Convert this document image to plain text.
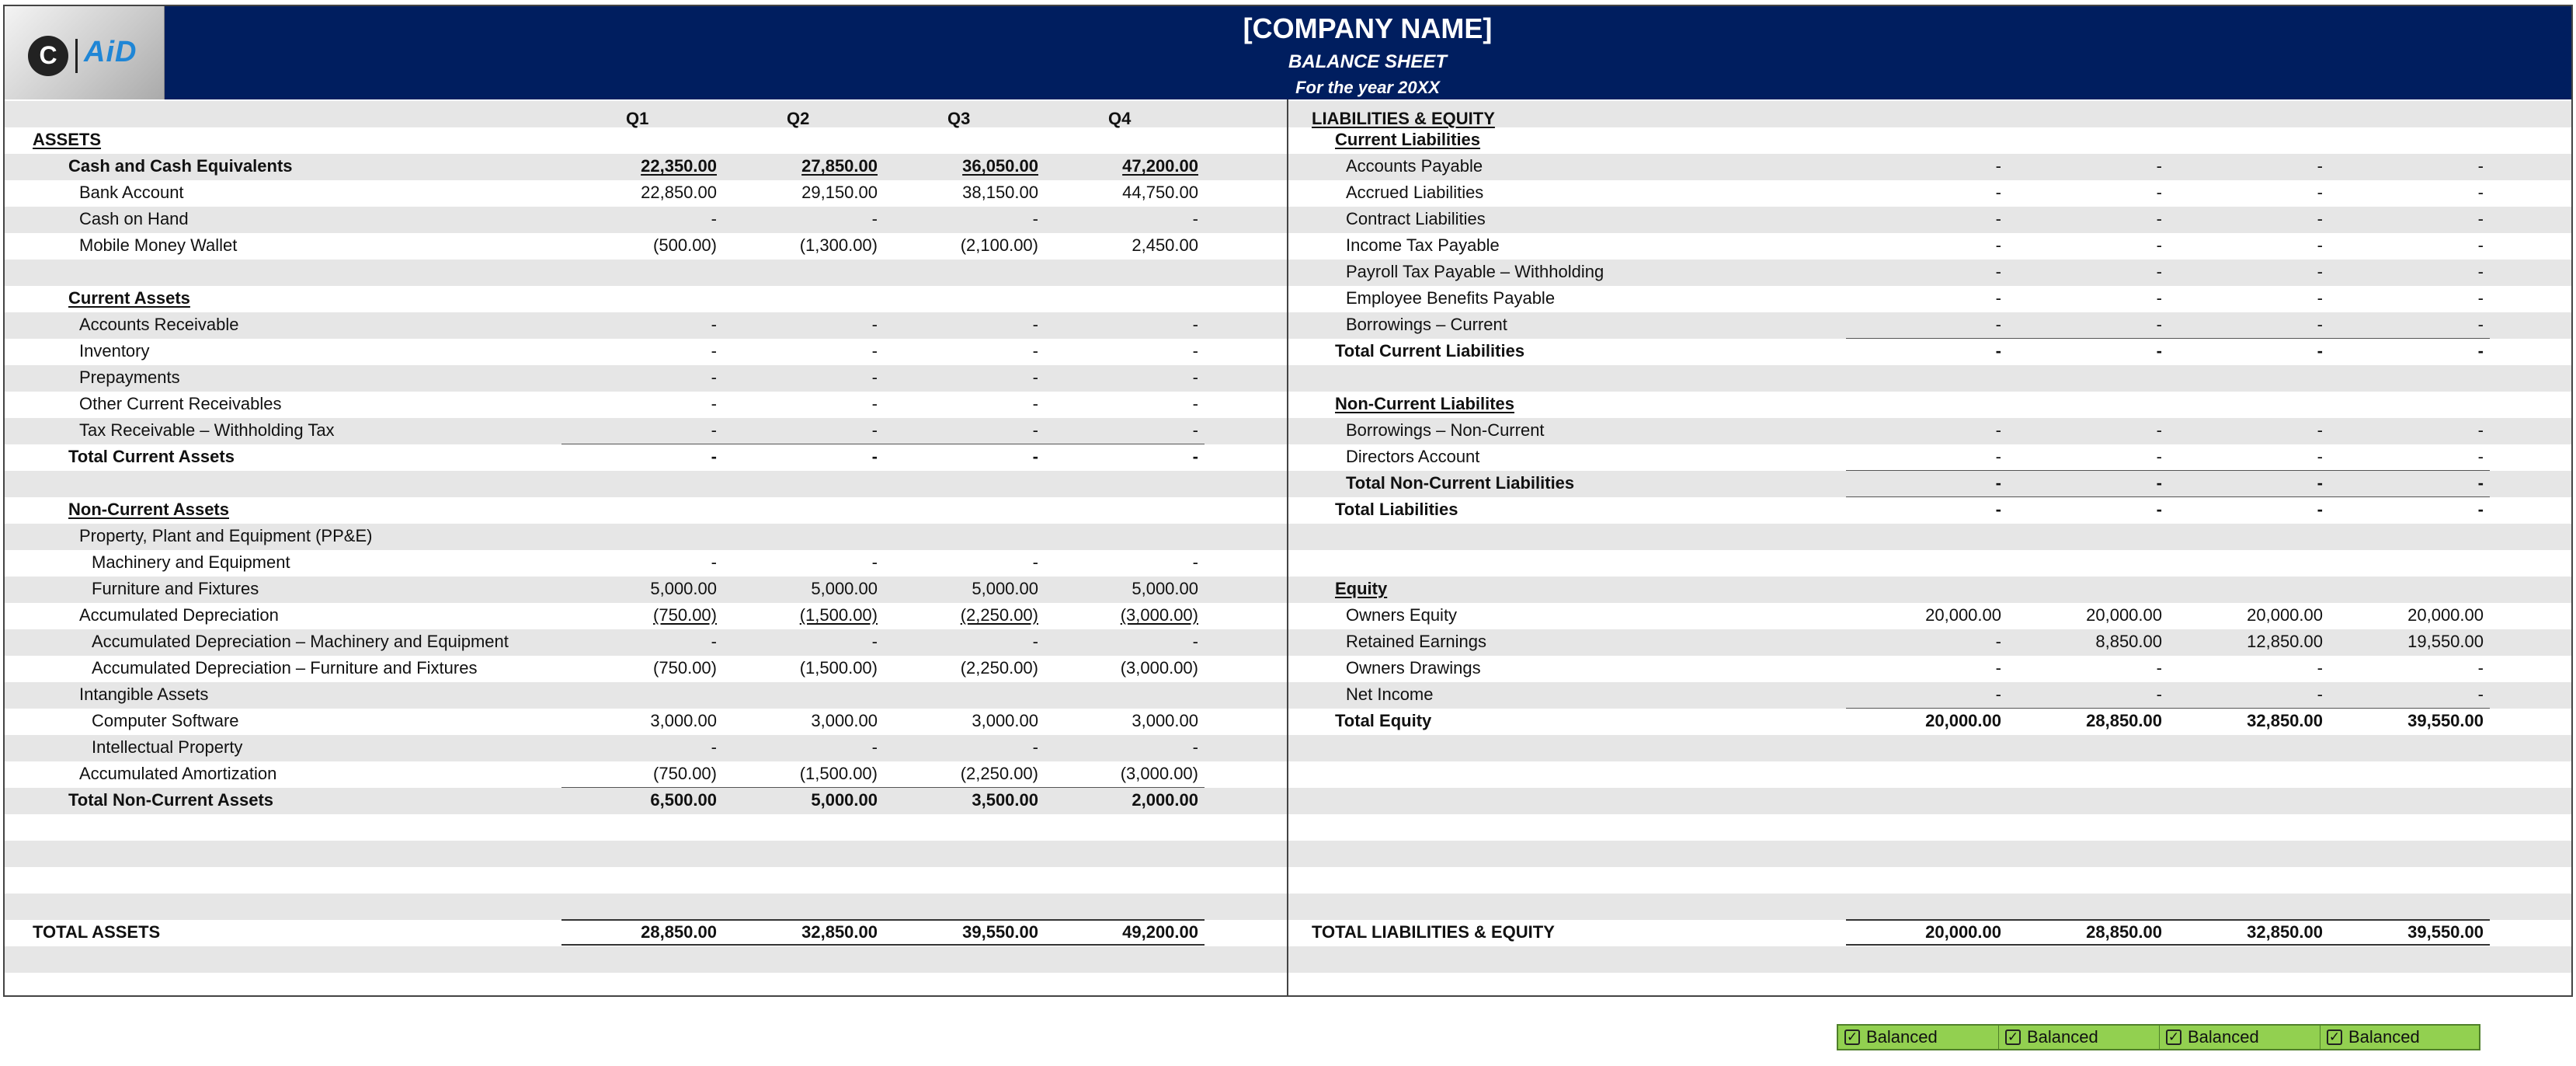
C AiD
[COMPANY NAME]
BALANCE SHEET
For the year 20XX
Q1	Q2	Q3	Q4
ASSETS
Cash and Cash Equivalents	22,350.00	27,850.00	36,050.00	47,200.00
Bank Account	22,850.00	29,150.00	38,150.00	44,750.00
Cash on Hand	-	-	-	-
Mobile Money Wallet	(500.00)	(1,300.00)	(2,100.00)	2,450.00
Current Assets
Accounts Receivable	-	-	-	-
Inventory	-	-	-	-
Prepayments	-	-	-	-
Other Current Receivables	-	-	-	-
Tax Receivable – Withholding Tax	-	-	-	-
Total Current Assets	-	-	-	-
Non-Current Assets
Property, Plant and Equipment (PP&E)
Machinery and Equipment	-	-	-	-
Furniture and Fixtures	5,000.00	5,000.00	5,000.00	5,000.00
Accumulated Depreciation	(750.00)	(1,500.00)	(2,250.00)	(3,000.00)
Accumulated Depreciation – Machinery and Equipment	-	-	-	-
Accumulated Depreciation – Furniture and Fixtures	(750.00)	(1,500.00)	(2,250.00)	(3,000.00)
Intangible Assets
Computer Software	3,000.00	3,000.00	3,000.00	3,000.00
Intellectual Property	-	-	-	-
Accumulated Amortization	(750.00)	(1,500.00)	(2,250.00)	(3,000.00)
Total Non-Current Assets	6,500.00	5,000.00	3,500.00	2,000.00
TOTAL ASSETS	28,850.00	32,850.00	39,550.00	49,200.00
LIABILITIES & EQUITY
Current Liabilities
Accounts Payable	-	-	-	-
Accrued Liabilities	-	-	-	-
Contract Liabilities	-	-	-	-
Income Tax Payable	-	-	-	-
Payroll Tax Payable – Withholding	-	-	-	-
Employee Benefits Payable	-	-	-	-
Borrowings – Current	-	-	-	-
Total Current Liabilities	-	-	-	-
Non-Current Liabilites
Borrowings – Non-Current	-	-	-	-
Directors Account	-	-	-	-
Total Non-Current Liabilities	-	-	-	-
Total Liabilities	-	-	-	-
Equity
Owners Equity	20,000.00	20,000.00	20,000.00	20,000.00
Retained Earnings	-	8,850.00	12,850.00	19,550.00
Owners Drawings	-	-	-	-
Net Income	-	-	-	-
Total Equity	20,000.00	28,850.00	32,850.00	39,550.00
TOTAL LIABILITIES & EQUITY	20,000.00	28,850.00	32,850.00	39,550.00
✓ Balanced	✓ Balanced	✓ Balanced	✓ Balanced
